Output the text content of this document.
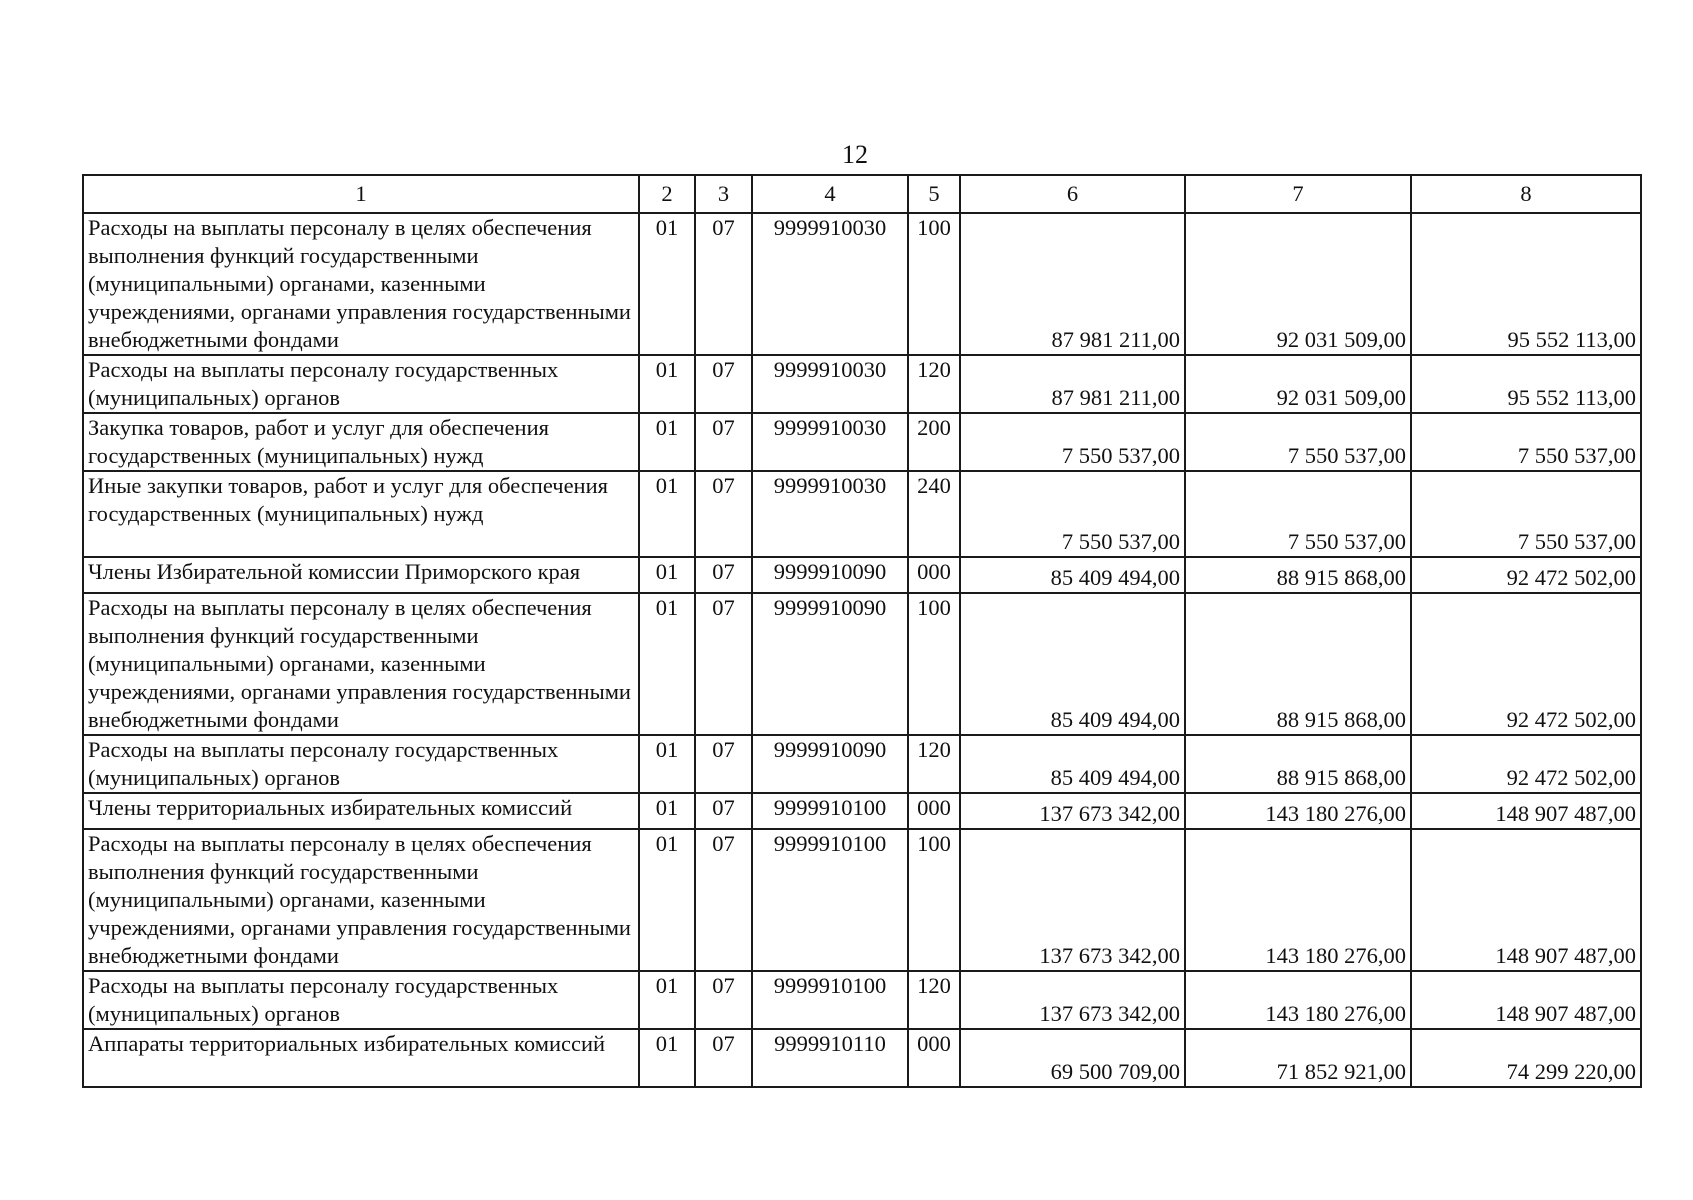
12
1	2	3	4	5	6	7	8
Расходы на выплаты персоналу в целях обеспечения выполнения функций государственными (муниципальными) органами, казенными учреждениями, органами управления государственными внебюджетными фондами	01	07	9999910030	100	87 981 211,00	92 031 509,00	95 552 113,00
Расходы на выплаты персоналу государственных (муниципальных) органов	01	07	9999910030	120	87 981 211,00	92 031 509,00	95 552 113,00
Закупка товаров, работ и услуг для обеспечения государственных (муниципальных) нужд	01	07	9999910030	200	7 550 537,00	7 550 537,00	7 550 537,00
Иные закупки товаров, работ и услуг для обеспечения государственных (муниципальных) нужд	01	07	9999910030	240	7 550 537,00	7 550 537,00	7 550 537,00
Члены Избирательной комиссии Приморского края	01	07	9999910090	000	85 409 494,00	88 915 868,00	92 472 502,00
Расходы на выплаты персоналу в целях обеспечения выполнения функций государственными (муниципальными) органами, казенными учреждениями, органами управления государственными внебюджетными фондами	01	07	9999910090	100	85 409 494,00	88 915 868,00	92 472 502,00
Расходы на выплаты персоналу государственных (муниципальных) органов	01	07	9999910090	120	85 409 494,00	88 915 868,00	92 472 502,00
Члены территориальных избирательных комиссий	01	07	9999910100	000	137 673 342,00	143 180 276,00	148 907 487,00
Расходы на выплаты персоналу в целях обеспечения выполнения функций государственными (муниципальными) органами, казенными учреждениями, органами управления государственными внебюджетными фондами	01	07	9999910100	100	137 673 342,00	143 180 276,00	148 907 487,00
Расходы на выплаты персоналу государственных (муниципальных) органов	01	07	9999910100	120	137 673 342,00	143 180 276,00	148 907 487,00
Аппараты территориальных избирательных комиссий	01	07	9999910110	000	69 500 709,00	71 852 921,00	74 299 220,00
